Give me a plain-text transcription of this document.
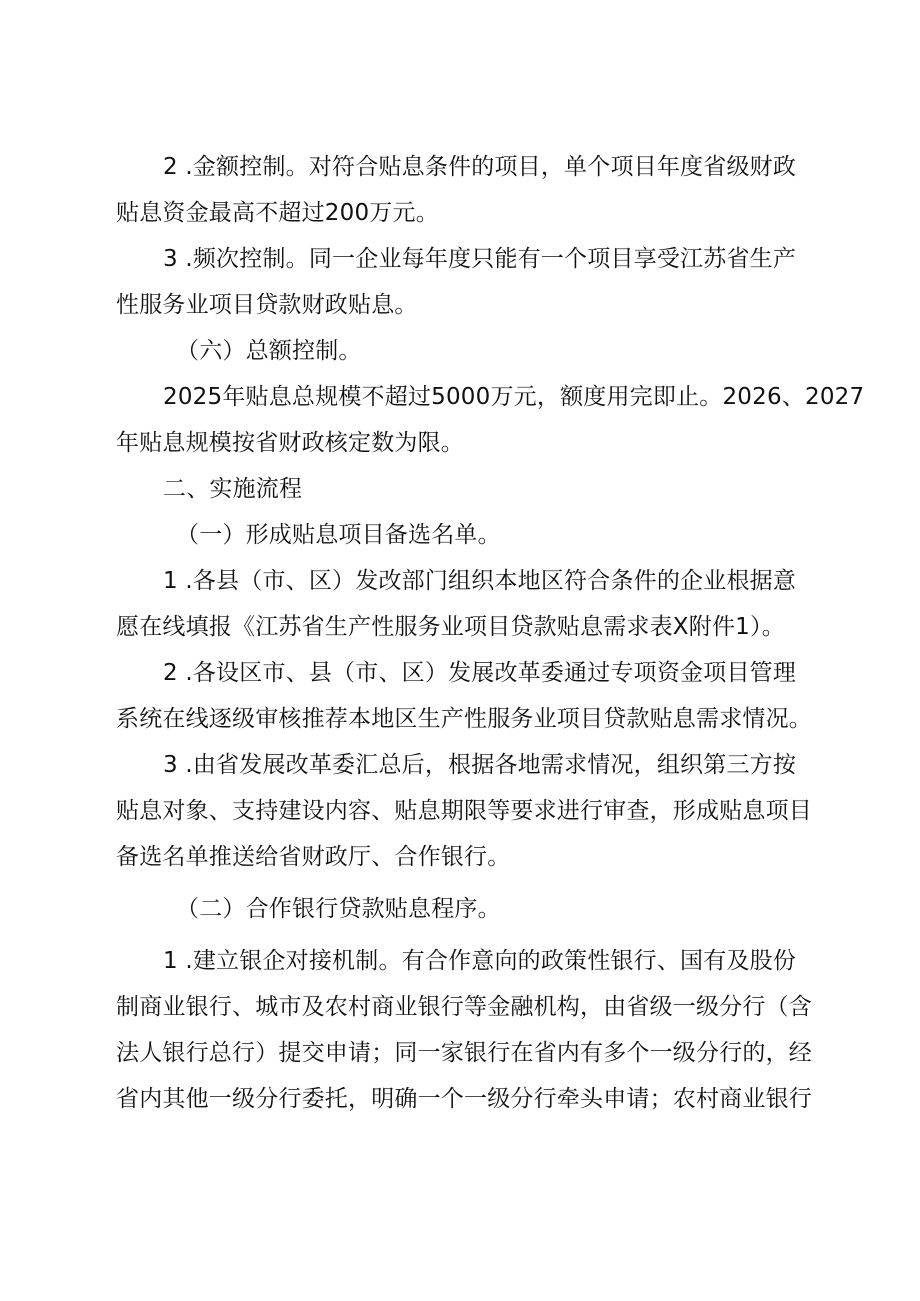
2 .金额控制。对符合贴息条件的项目，单个项目年度省级财政
贴息资金最高不超过200万元。
3 .频次控制。同一企业每年度只能有一个项目享受江苏省生产
性服务业项目贷款财政贴息。
（六）总额控制。
2025年贴息总规模不超过5000万元，额度用完即止。2026、2027
年贴息规模按省财政核定数为限。
二、实施流程
（一）形成贴息项目备选名单。
1 .各县（市、区）发改部门组织本地区符合条件的企业根据意
愿在线填报《江苏省生产性服务业项目贷款贴息需求表X附件1）。
2 .各设区市、县（市、区）发展改革委通过专项资金项目管理
系统在线逐级审核推荐本地区生产性服务业项目贷款贴息需求情况。
3 .由省发展改革委汇总后，根据各地需求情况，组织第三方按
贴息对象、支持建设内容、贴息期限等要求进行审查，形成贴息项目
备选名单推送给省财政厅、合作银行。
（二）合作银行贷款贴息程序。
1 .建立银企对接机制。有合作意向的政策性银行、国有及股份
制商业银行、城市及农村商业银行等金融机构，由省级一级分行（含
法人银行总行）提交申请；同一家银行在省内有多个一级分行的，经
省内其他一级分行委托，明确一个一级分行牵头申请；农村商业银行
